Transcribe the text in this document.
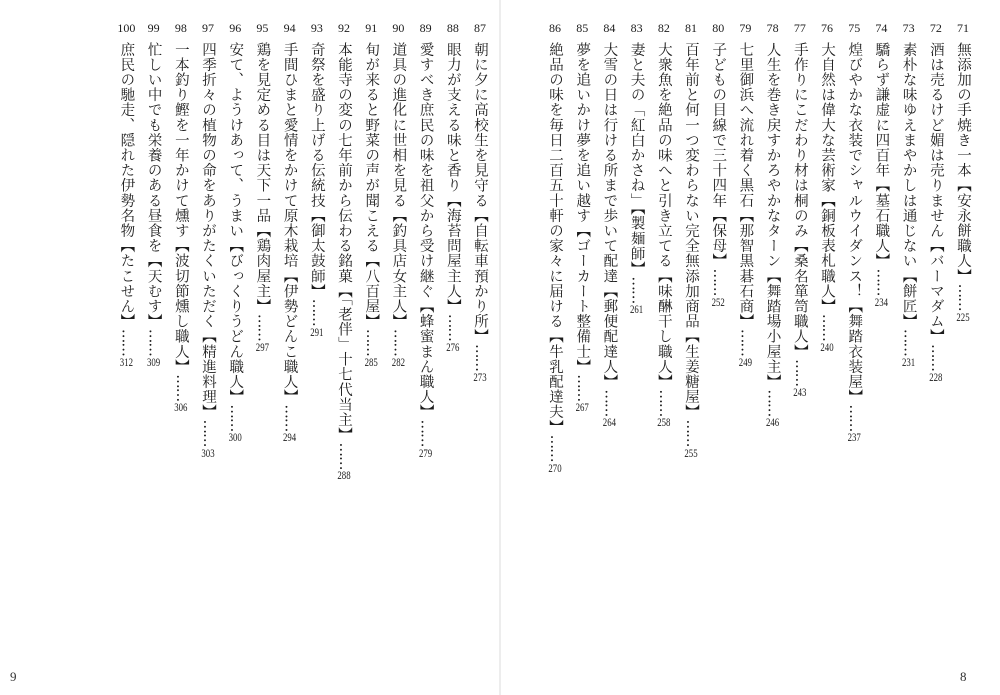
87
朝に夕に高校生を見守る【自転車預かり所】……273
88
眼力が支える味と香り【海苔問屋主人】……276
89
愛すべき庶民の味を祖父から受け継ぐ【蜂蜜まん職人】……279
90
道具の進化に世相を見る【釣具店女主人】……282
91
旬が来ると野菜の声が聞こえる【八百屋】……285
92
本能寺の変の七年前から伝わる銘菓【「老伴」十七代当主】……288
93
奇祭を盛り上げる伝統技【御太鼓師】……291
94
手間ひまと愛情をかけて原木栽培【伊勢どんこ職人】……294
95
鶏を見定める目は天下一品【鶏肉屋主】……297
96
安て、ようけあって、うまい【びっくりうどん職人】……300
97
四季折々の植物の命をありがたくいただく【精進料理】……303
98
一本釣り鰹を一年かけて燻す【波切節燻し職人】……306
99
忙しい中でも栄養のある昼食を【天むす】……309
100
庶民の馳走、隠れた伊勢名物【たこせん】……312
9
71
無添加の手焼き一本【安永餅職人】……225
72
酒は売るけど媚は売りません【バーマダム】……228
73
素朴な味ゆえまやかしは通じない【餅匠】……231
74
驕らず謙虚に四百年【墓石職人】……234
75
煌びやかな衣装でシャルウイダンス！【舞踏衣装屋】……237
76
大自然は偉大な芸術家【銅板表札職人】……240
77
手作りにこだわり材は桐のみ【桑名箪笥職人】……243
78
人生を巻き戻すかろやかなターン【舞踏場小屋主】……246
79
七里御浜へ流れ着く黒石【那智黒碁石商】……249
80
子どもの目線で三十四年【保母】……252
81
百年前と何一つ変わらない完全無添加商品【生姜糖屋】……255
82
大衆魚を絶品の味へと引き立てる【味醂干し職人】……258
83
妻と夫の「紅白かさね」【製麺師】……261
84
大雪の日は行ける所まで歩いて配達【郵便配達人】……264
85
夢を追いかけ夢を追い越す【ゴーカート整備士】……267
86
絶品の味を毎日二百五十軒の家々に届ける【牛乳配達夫】……270
8
